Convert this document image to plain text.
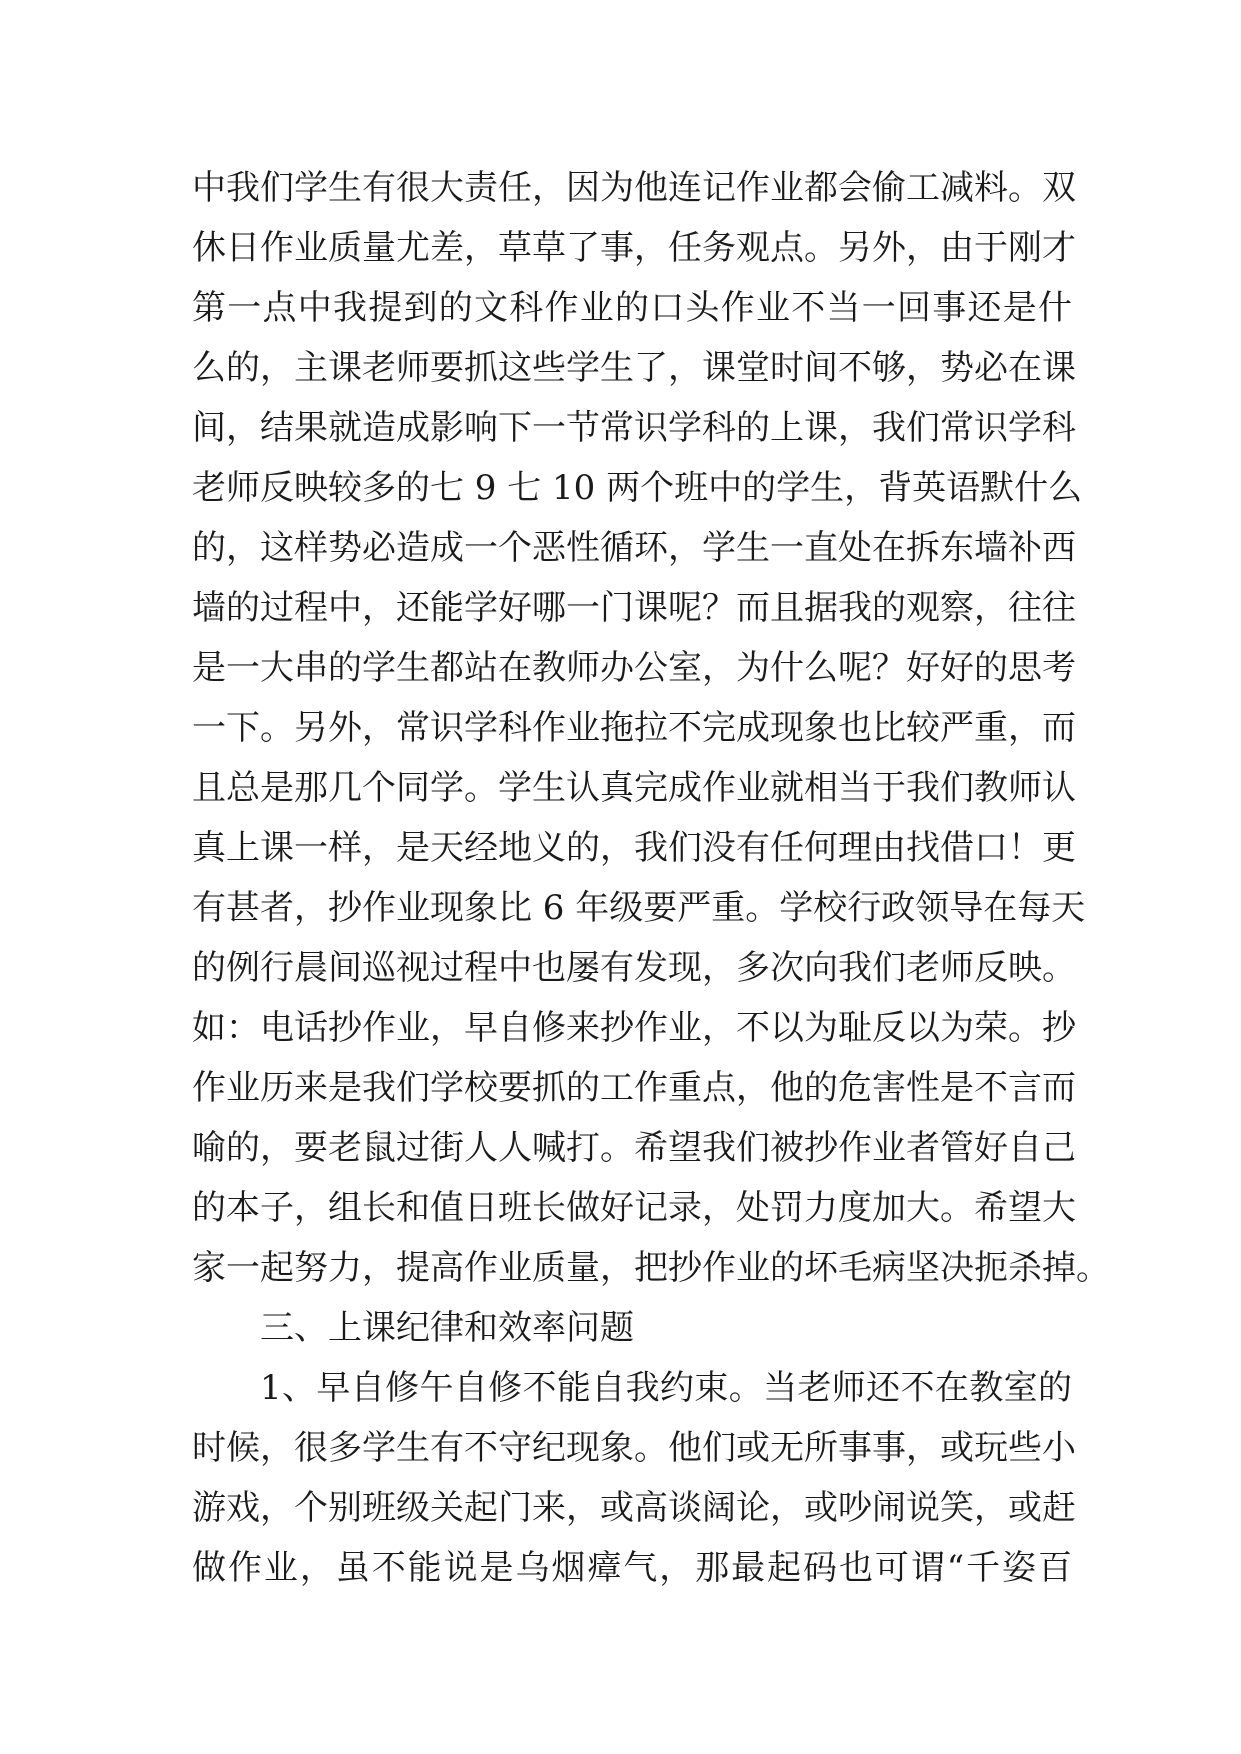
中我们学生有很大责任，因为他连记作业都会偷工减料。双
休日作业质量尤差，草草了事，任务观点。另外，由于刚才
第一点中我提到的文科作业的口头作业不当一回事还是什
么的，主课老师要抓这些学生了，课堂时间不够，势必在课
间，结果就造成影响下一节常识学科的上课，我们常识学科
老师反映较多的七 9 七 10 两个班中的学生，背英语默什么
的，这样势必造成一个恶性循环，学生一直处在拆东墙补西
墙的过程中，还能学好哪一门课呢？而且据我的观察，往往
是一大串的学生都站在教师办公室，为什么呢？好好的思考
一下。另外，常识学科作业拖拉不完成现象也比较严重，而
且总是那几个同学。学生认真完成作业就相当于我们教师认
真上课一样，是天经地义的，我们没有任何理由找借口！更
有甚者，抄作业现象比 6 年级要严重。学校行政领导在每天
的例行晨间巡视过程中也屡有发现，多次向我们老师反映。
如：电话抄作业，早自修来抄作业，不以为耻反以为荣。抄
作业历来是我们学校要抓的工作重点，他的危害性是不言而
喻的，要老鼠过街人人喊打。希望我们被抄作业者管好自己
的本子，组长和值日班长做好记录，处罚力度加大。希望大
家一起努力，提高作业质量，把抄作业的坏毛病坚决扼杀掉。
三、上课纪律和效率问题
1、早自修午自修不能自我约束。当老师还不在教室的
时候，很多学生有不守纪现象。他们或无所事事，或玩些小
游戏，个别班级关起门来，或高谈阔论，或吵闹说笑，或赶
做作业，虽不能说是乌烟瘴气，那最起码也可谓“千姿百
